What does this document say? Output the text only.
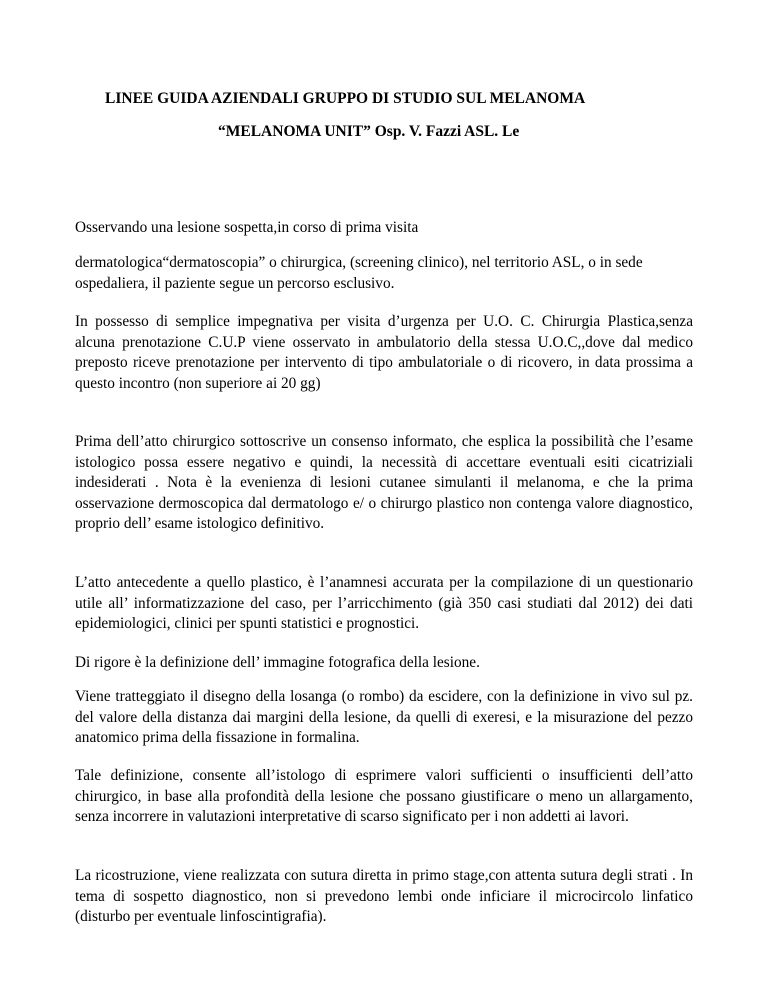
LINEE GUIDA AZIENDALI GRUPPO DI STUDIO SUL MELANOMA
“MELANOMA UNIT” Osp. V. Fazzi ASL. Le

Osservando una lesione sospetta,in corso di prima visita

dermatologica“dermatoscopia” o chirurgica, (screening clinico), nel territorio ASL, o in sede ospedaliera, il paziente segue un percorso esclusivo.

In possesso di semplice impegnativa per visita d’urgenza per U.O. C. Chirurgia Plastica,senza alcuna prenotazione C.U.P viene osservato in ambulatorio della stessa U.O.C,,dove dal medico preposto riceve prenotazione per intervento di tipo ambulatoriale o di ricovero, in data prossima a questo incontro (non superiore ai 20 gg)

Prima dell’atto chirurgico sottoscrive un consenso informato, che esplica la possibilità che l’esame istologico possa essere negativo e quindi, la necessità di accettare eventuali esiti cicatriziali indesiderati . Nota è la evenienza di lesioni cutanee simulanti il melanoma, e che la prima osservazione dermoscopica dal dermatologo e/ o chirurgo plastico non contenga valore diagnostico, proprio dell’ esame istologico definitivo.

L’atto antecedente a quello plastico, è l’anamnesi accurata per la compilazione di un questionario utile all’ informatizzazione del caso, per l’arricchimento (già 350 casi studiati dal 2012) dei dati epidemiologici, clinici per spunti statistici e prognostici.

Di rigore è la definizione dell’ immagine fotografica della lesione.

Viene tratteggiato il disegno della losanga (o rombo) da escidere, con la definizione in vivo sul pz. del valore della distanza dai margini della lesione, da quelli di exeresi, e la misurazione del pezzo anatomico prima della fissazione in formalina.

Tale definizione, consente all’istologo di esprimere valori sufficienti o insufficienti dell’atto chirurgico, in base alla profondità della lesione che possano giustificare o meno un allargamento, senza incorrere in valutazioni interpretative di scarso significato per i non addetti ai lavori.

La ricostruzione, viene realizzata con sutura diretta in primo stage,con attenta sutura degli strati . In tema di sospetto diagnostico, non si prevedono lembi onde inficiare il microcircolo linfatico (disturbo per eventuale linfoscintigrafia).
